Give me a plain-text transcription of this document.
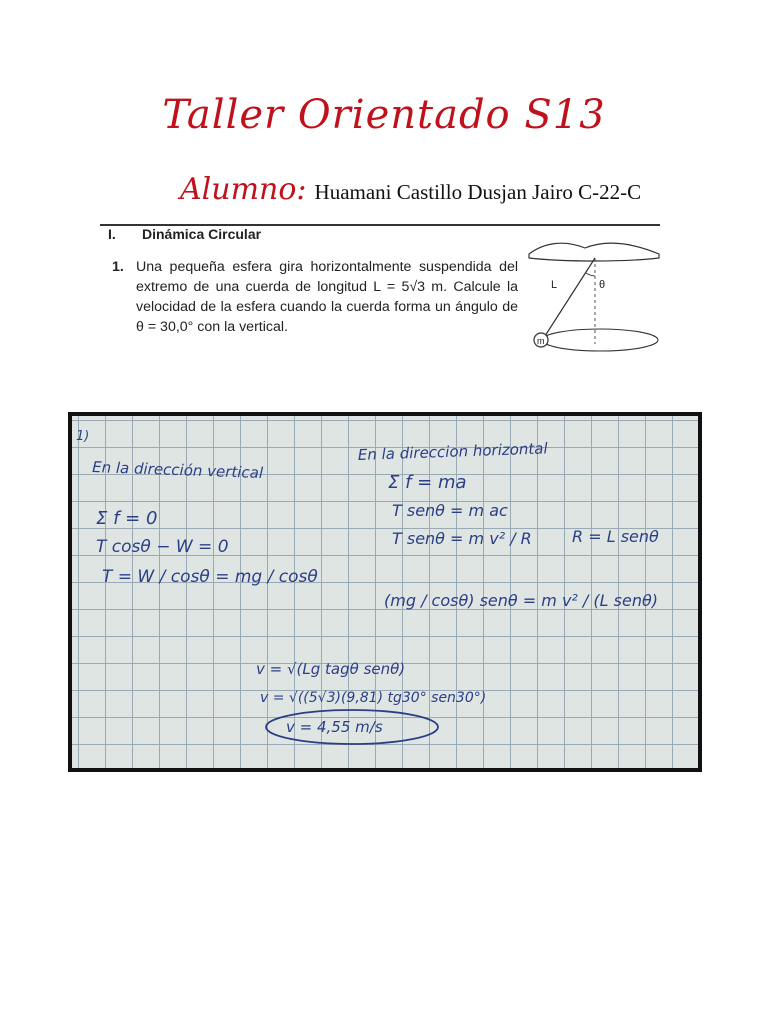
Taller Orientado S13
Alumno: Huamani Castillo Dusjan Jairo C-22-C
I. Dinámica Circular
1. Una pequeña esfera gira horizontalmente suspendida del extremo de una cuerda de longitud L = 5√3 m. Calcule la velocidad de la esfera cuando la cuerda forma un ángulo de θ = 30,0° con la vertical.
L	θ
m
1)
En la dirección vertical
Σ f = 0
T cosθ − W = 0
T = W / cosθ = mg / cosθ
En la direccion horizontal
Σ f = ma
T senθ = m ac
T senθ = m v² / R	R = L senθ
(mg / cosθ) senθ = m v² / (L senθ)
v = √(Lg tagθ senθ)
v = √((5√3)(9,81) tg30° sen30°)
v = 4,55 m/s
